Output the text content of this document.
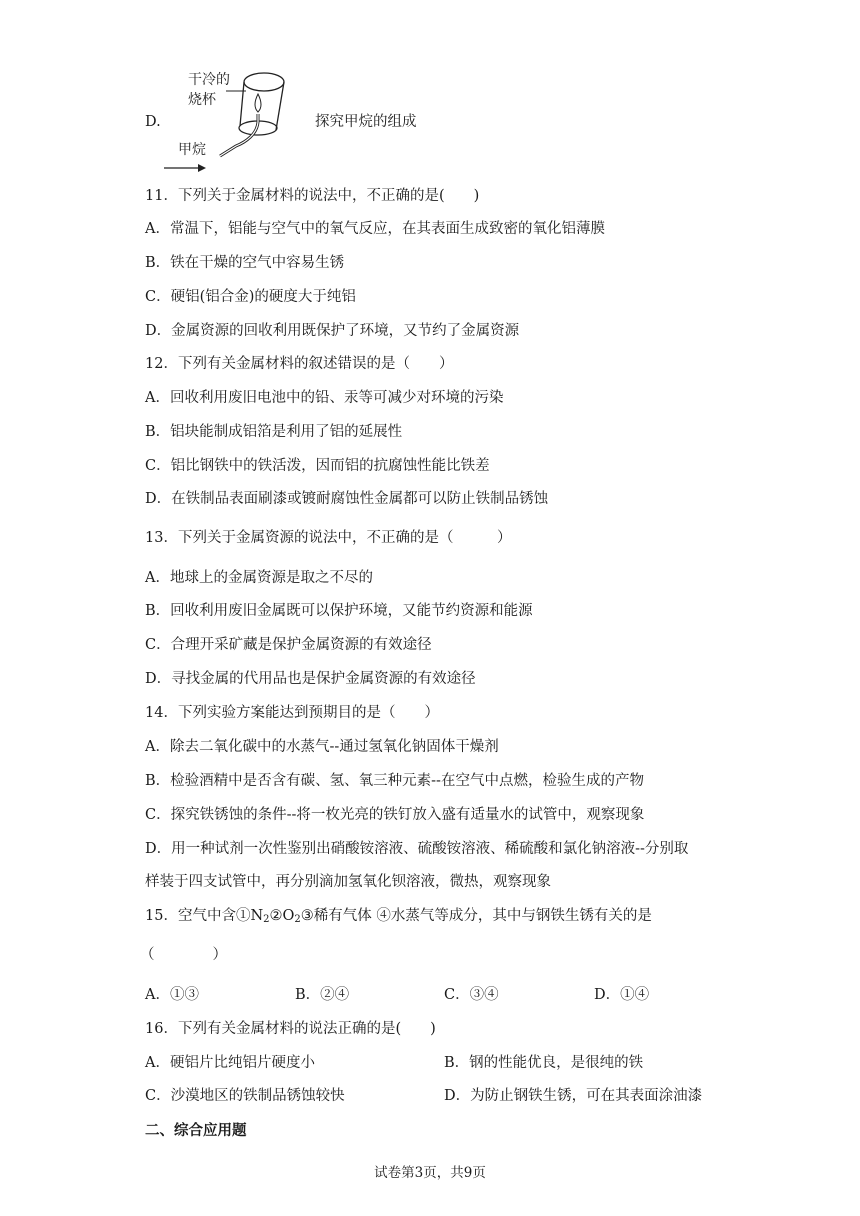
D.
干冷的
烧杯
甲烷
探究甲烷的组成
11．下列关于金属材料的说法中，不正确的是(　　)
A．常温下，铝能与空气中的氧气反应，在其表面生成致密的氧化铝薄膜
B．铁在干燥的空气中容易生锈
C．硬铝(铝合金)的硬度大于纯铝
D．金属资源的回收利用既保护了环境，又节约了金属资源
12．下列有关金属材料的叙述错误的是（　　）
A．回收利用废旧电池中的铅、汞等可减少对环境的污染
B．铝块能制成铝箔是利用了铝的延展性
C．铝比钢铁中的铁活泼，因而铝的抗腐蚀性能比铁差
D．在铁制品表面刷漆或镀耐腐蚀性金属都可以防止铁制品锈蚀
13．下列关于金属资源的说法中，不正确的是（　　　）
A．地球上的金属资源是取之不尽的
B．回收利用废旧金属既可以保护环境，又能节约资源和能源
C．合理开采矿藏是保护金属资源的有效途径
D．寻找金属的代用品也是保护金属资源的有效途径
14．下列实验方案能达到预期目的是（　　）
A．除去二氧化碳中的水蒸气--通过氢氧化钠固体干燥剂
B．检验酒精中是否含有碳、氢、氧三种元素--在空气中点燃，检验生成的产物
C．探究铁锈蚀的条件--将一枚光亮的铁钉放入盛有适量水的试管中，观察现象
D．用一种试剂一次性鉴别出硝酸铵溶液、硫酸铵溶液、稀硫酸和氯化钠溶液--分别取
样装于四支试管中，再分别滴加氢氧化钡溶液，微热，观察现象
15．空气中含$①N_2②O_2③$稀有气体 ④水蒸气等成分，其中与钢铁生锈有关的是
（　　　　）
A．①③	B．②④	C．③④	D．①④
16．下列有关金属材料的说法正确的是(　　)
A．硬铝片比纯铝片硬度小	B．钢的性能优良，是很纯的铁
C．沙漠地区的铁制品锈蚀较快	D．为防止钢铁生锈，可在其表面涂油漆
二、综合应用题
试卷第3页，共9页
